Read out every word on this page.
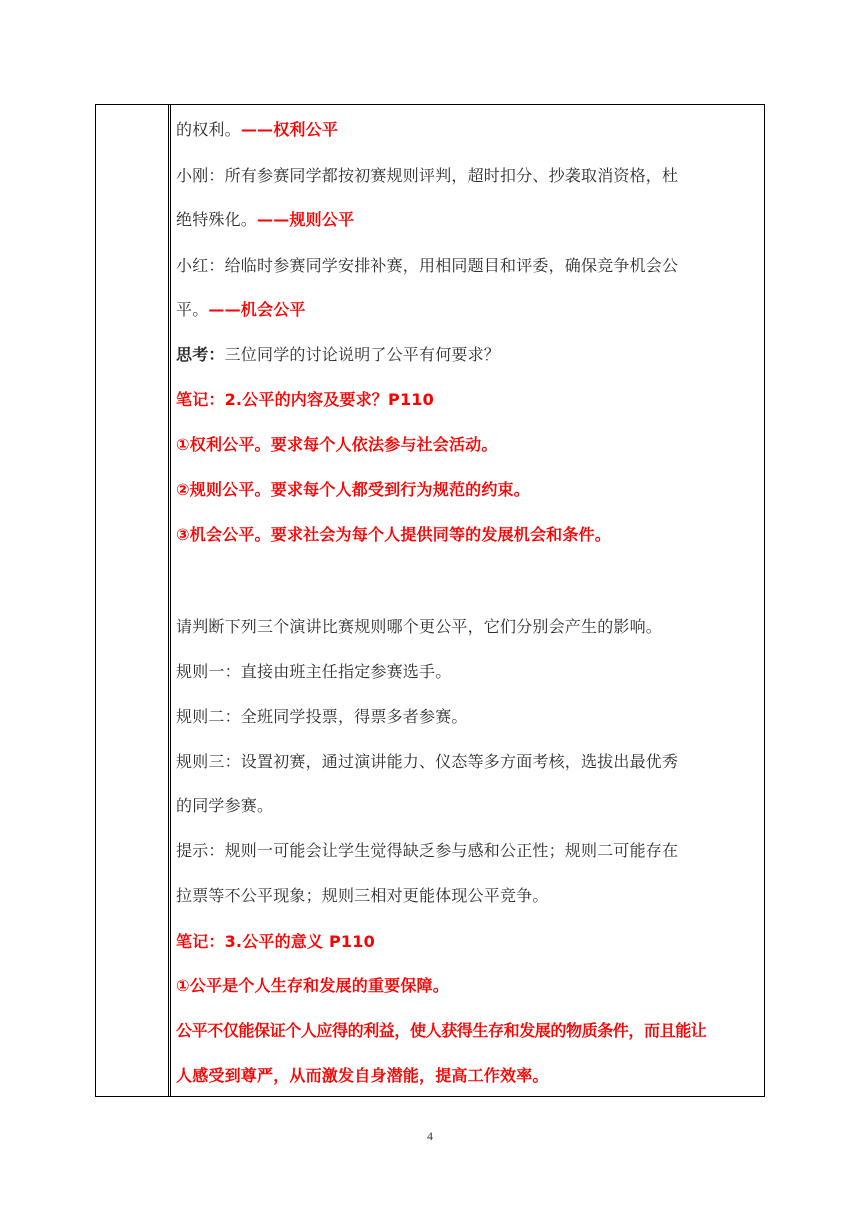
的权利。——权利公平
小刚：所有参赛同学都按初赛规则评判，超时扣分、抄袭取消资格，杜
绝特殊化。——规则公平
小红：给临时参赛同学安排补赛，用相同题目和评委，确保竞争机会公
平。——机会公平
思考：三位同学的讨论说明了公平有何要求？
笔记：2.公平的内容及要求？P110
①权利公平。要求每个人依法参与社会活动。
②规则公平。要求每个人都受到行为规范的约束。
③机会公平。要求社会为每个人提供同等的发展机会和条件。
请判断下列三个演讲比赛规则哪个更公平，它们分别会产生的影响。
规则一：直接由班主任指定参赛选手。
规则二：全班同学投票，得票多者参赛。
规则三：设置初赛，通过演讲能力、仪态等多方面考核，选拔出最优秀
的同学参赛。
提示：规则一可能会让学生觉得缺乏参与感和公正性；规则二可能存在
拉票等不公平现象；规则三相对更能体现公平竞争。
笔记：3.公平的意义 P110
①公平是个人生存和发展的重要保障。
公平不仅能保证个人应得的利益，使人获得生存和发展的物质条件，而且能让
人感受到尊严，从而激发自身潜能，提高工作效率。
4
